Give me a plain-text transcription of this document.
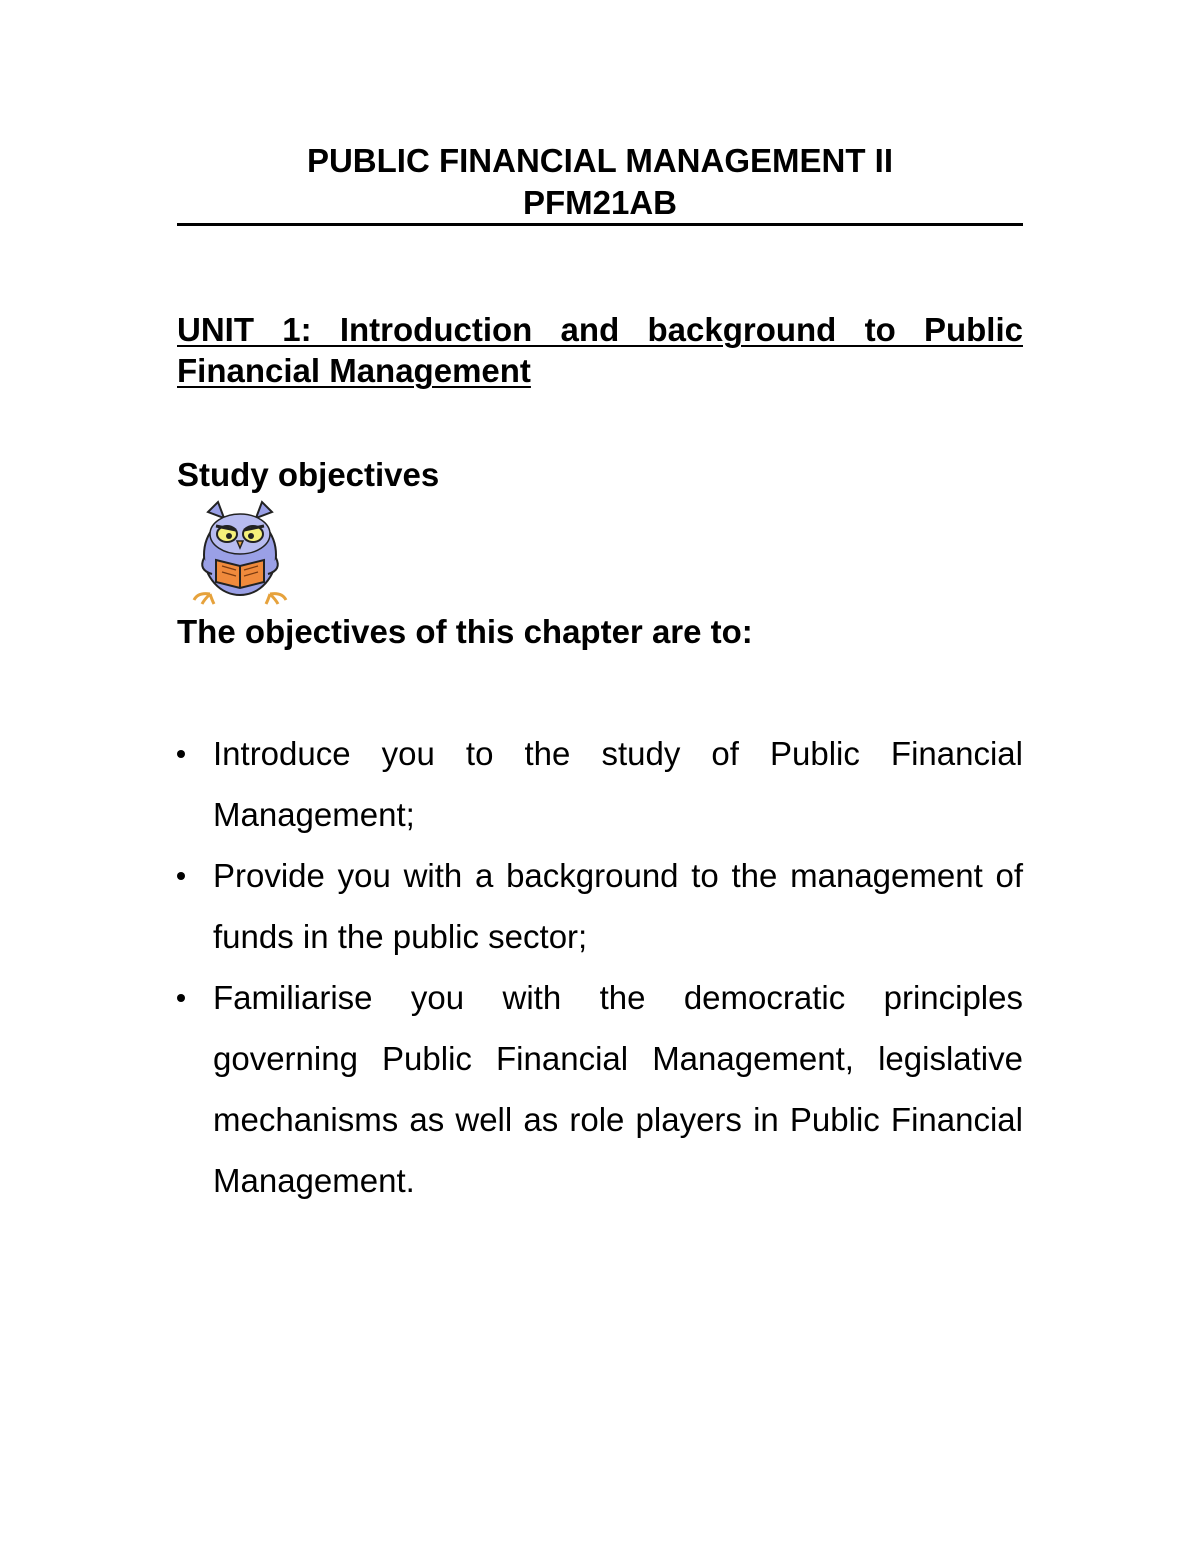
PUBLIC FINANCIAL MANAGEMENT II
PFM21AB
UNIT 1: Introduction and background to Public Financial Management
Study objectives
The objectives of this chapter are to:
Introduce you to the study of Public Financial Management;
Provide you with a background to the management of funds in the public sector;
Familiarise you with the democratic principles governing Public Financial Management, legislative mechanisms as well as role players in Public Financial Management.
